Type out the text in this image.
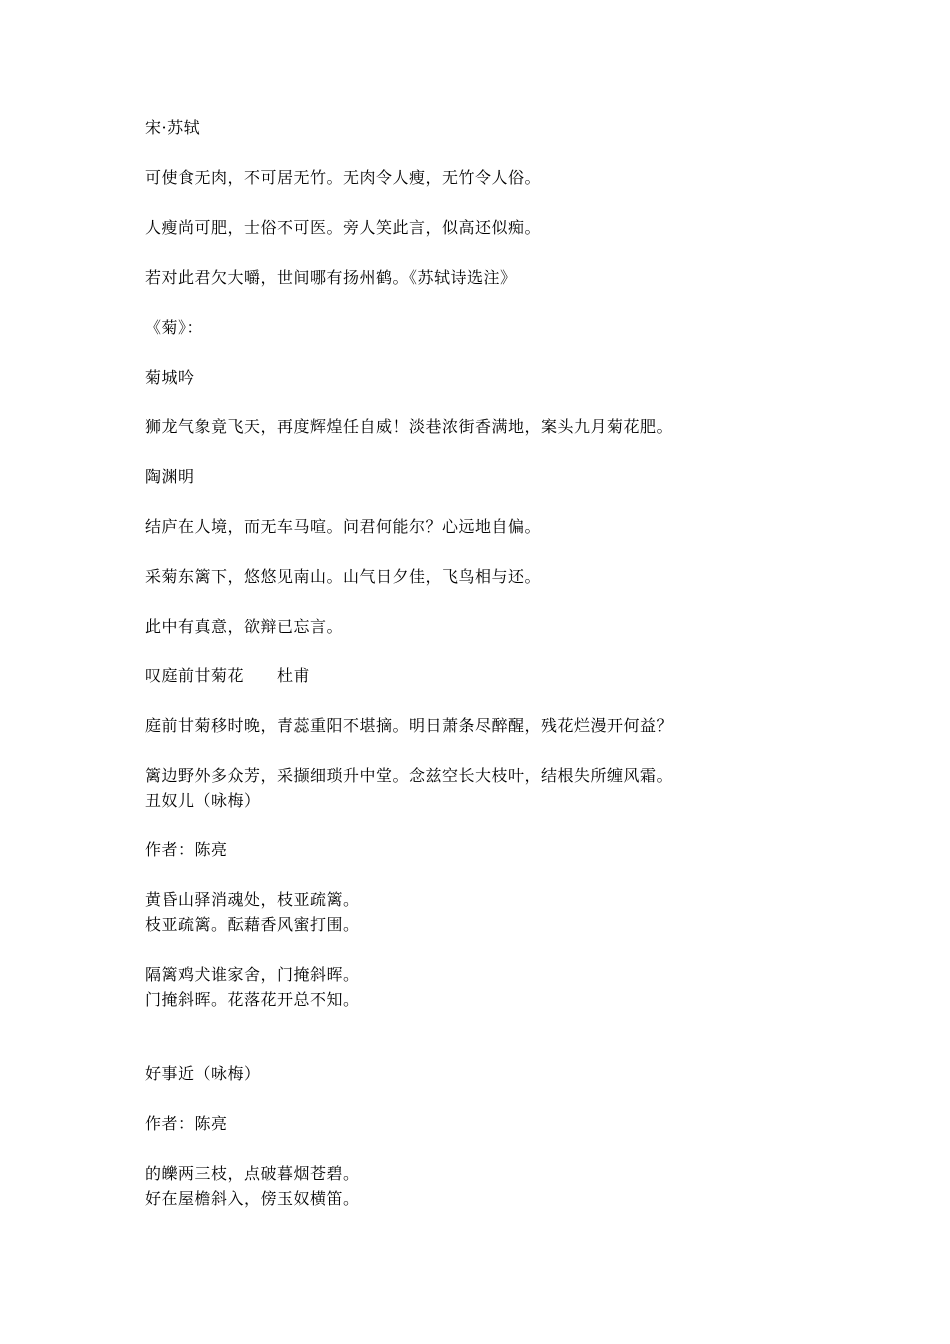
宋·苏轼
可使食无肉，不可居无竹。无肉令人瘦，无竹令人俗。
人瘦尚可肥，士俗不可医。旁人笑此言，似高还似痴。
若对此君欠大嚼，世间哪有扬州鹤。《苏轼诗选注》
《菊》：
菊城吟
狮龙气象竟飞天，再度辉煌任自威！淡巷浓街香满地，案头九月菊花肥。
陶渊明
结庐在人境，而无车马喧。问君何能尔？心远地自偏。
采菊东篱下，悠悠见南山。山气日夕佳，飞鸟相与还。
此中有真意，欲辩已忘言。
叹庭前甘菊花　　杜甫
庭前甘菊移时晚，青蕊重阳不堪摘。明日萧条尽醉醒，残花烂漫开何益？
篱边野外多众芳，采撷细琐升中堂。念兹空长大枝叶，结根失所缠风霜。
丑奴儿（咏梅）
作者：陈亮
黄昏山驿消魂处，枝亚疏篱。
枝亚疏篱。酝藉香风蜜打围。
隔篱鸡犬谁家舍，门掩斜晖。
门掩斜晖。花落花开总不知。
好事近（咏梅）
作者：陈亮
的皪两三枝，点破暮烟苍碧。
好在屋檐斜入，傍玉奴横笛。
